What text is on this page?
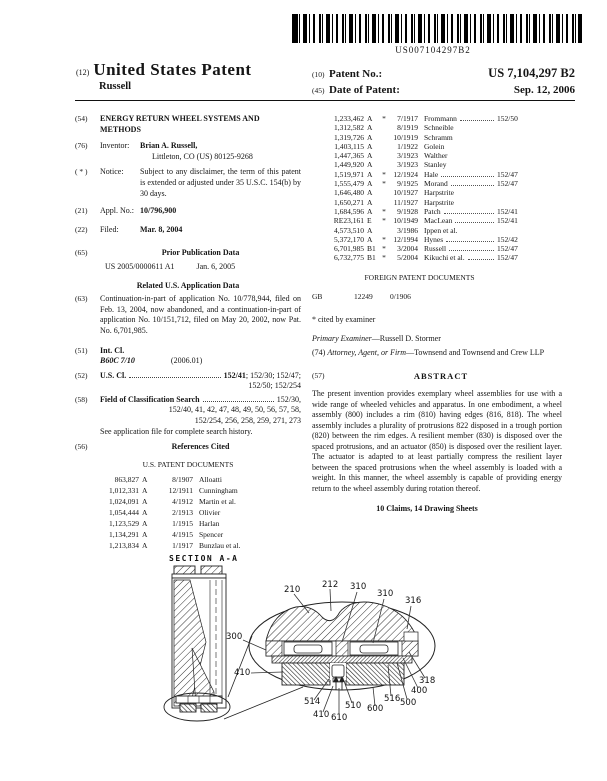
US007104297B2
(12) United States Patent
Russell
(10) Patent No.:	US 7,104,297 B2
(45) Date of Patent:	Sep. 12, 2006
(54)	ENERGY RETURN WHEEL SYSTEMS AND METHODS
(76)	Inventor:	Brian A. Russell,
Littleton, CO (US) 80125-9268
( * )	Notice:	Subject to any disclaimer, the term of this patent is extended or adjusted under 35 U.S.C. 154(b) by 30 days.
(21)	Appl. No.: 10/796,900
(22)	Filed:	Mar. 8, 2004
(65)	Prior Publication Data
US 2005/0000611 A1	Jan. 6, 2005
Related U.S. Application Data
(63)	Continuation-in-part of application No. 10/778,944, filed on Feb. 13, 2004, now abandoned, and a continuation-in-part of application No. 10/151,712, filed on May 20, 2002, now Pat. No. 6,701,985.
(51)	Int. Cl.
B60C 7/10	(2006.01)
(52)	U.S. Cl.	152/41 ; 152/30; 152/47;
152/50; 152/254
(58)	Field of Classification Search	152/30,
152/40, 41, 42, 47, 48, 49, 50, 56, 57, 58,
152/254, 256, 258, 259, 271, 273
See application file for complete search history.
(56)	References Cited
U.S. PATENT DOCUMENTS
863,827 A	8/1907 Alloatti
1,012,331 A	12/1911 Cunningham
1,024,091 A	4/1912 Martin et al.
1,054,444 A	2/1913 Olivier
1,123,529 A	1/1915 Harlan
1,134,291 A	4/1915 Spencer
1,213,834 A	1/1917 Bunzlau et al.
1,233,462 A	*	7/1917 Frommann	152/50
1,312,582 A	8/1919 Schneible
1,319,726 A	10/1919 Schramm
1,403,115 A	1/1922 Golein
1,447,365 A	3/1923 Walther
1,449,920 A	3/1923 Stanley
1,519,971 A	*	12/1924 Hale	152/47
1,555,479 A	*	9/1925 Morand	152/47
1,646,480 A	10/1927 Harpstrite
1,650,271 A	11/1927 Harpstrite
1,684,596 A	*	9/1928 Patch	152/41
RE23,161 E	*	10/1949 MacLean	152/41
4,573,510 A	3/1986 Ippen et al.
5,372,170 A	*	12/1994 Hynes	152/42
6,701,985 B1 *	3/2004 Russell	152/47
6,732,775 B1 *	5/2004 Kikuchi et al.	152/47
FOREIGN PATENT DOCUMENTS
GB	12249	0/1906
* cited by examiner
Primary Examiner—Russell D. Stormer
(74) Attorney, Agent, or Firm—Townsend and Townsend and Crew LLP
(57)	ABSTRACT
The present invention provides exemplary wheel assemblies for use with a wide range of wheeled vehicles and apparatus. In one embodiment, a wheel assembly (800) includes a rim (810) having edges (816, 818). The wheel assembly includes a plurality of protrusions 822 disposed in a trough portion (820) between the rim edges. A resilient member (830) is disposed over the spaced protrusions, and an actuator (850) is disposed over the resilient layer. The actuator is adapted to at least partially compress the resilient layer between the spaced protrusions when the wheel assembly is loaded with a weight. In this manner, the wheel assembly is capable of providing energy return to the wheel assembly during rotation thereof.
10 Claims, 14 Drawing Sheets
SECTION A-A
210	212 310
310
316
300
410
514
410 610
510 600
516 500
400
318
